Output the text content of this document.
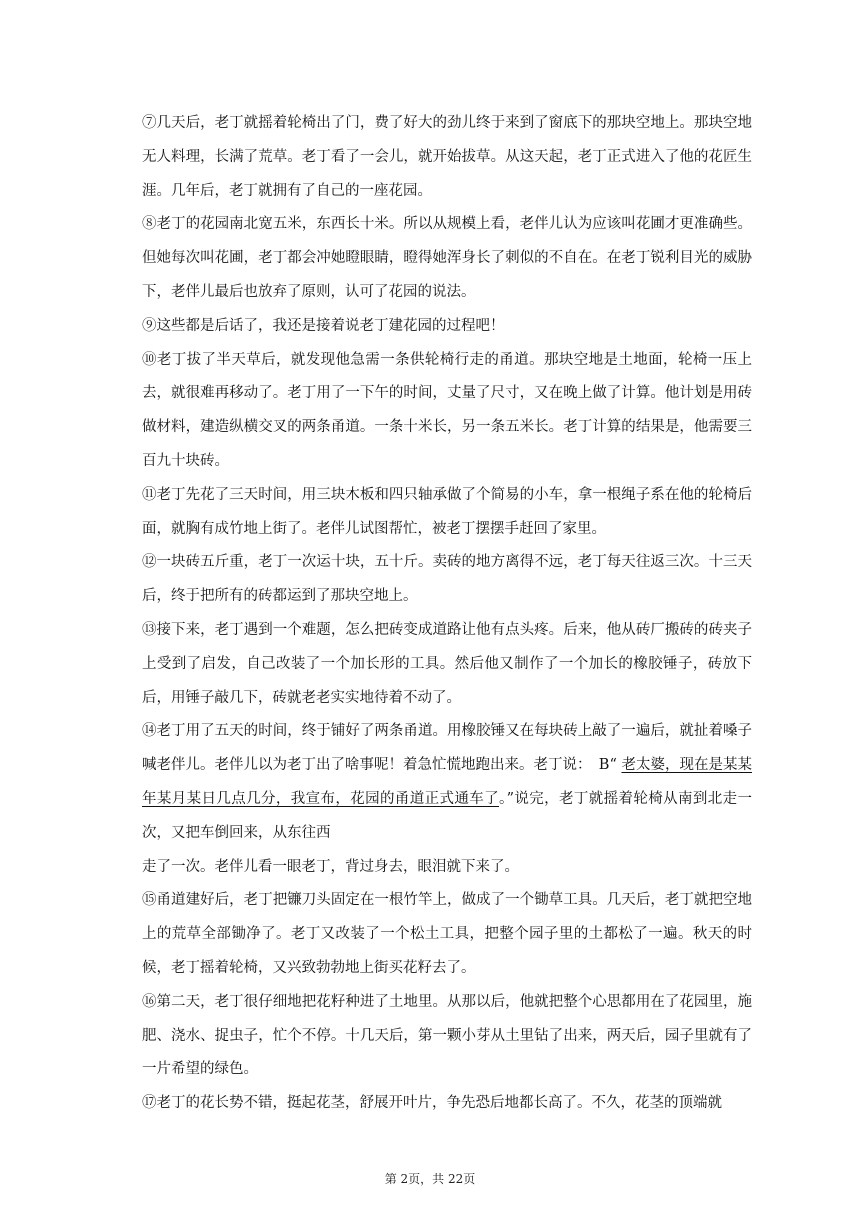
⑦几天后，老丁就摇着轮椅出了门，费了好大的劲儿终于来到了窗底下的那块空地上。那块空地无人料理，长满了荒草。老丁看了一会儿，就开始拔草。从这天起，老丁正式进入了他的花匠生涯。几年后，老丁就拥有了自己的一座花园。

⑧老丁的花园南北宽五米，东西长十米。所以从规模上看，老伴儿认为应该叫花圃才更准确些。但她每次叫花圃，老丁都会冲她瞪眼睛，瞪得她浑身长了刺似的不自在。在老丁锐利目光的威胁下，老伴儿最后也放弃了原则，认可了花园的说法。

⑨这些都是后话了，我还是接着说老丁建花园的过程吧！

⑩老丁拔了半天草后，就发现他急需一条供轮椅行走的甬道。那块空地是土地面，轮椅一压上去，就很难再移动了。老丁用了一下午的时间，丈量了尺寸，又在晚上做了计算。他计划是用砖做材料，建造纵横交叉的两条甬道。一条十米长，另一条五米长。老丁计算的结果是，他需要三百九十块砖。

⑪老丁先花了三天时间，用三块木板和四只轴承做了个简易的小车，拿一根绳子系在他的轮椅后面，就胸有成竹地上街了。老伴儿试图帮忙，被老丁摆摆手赶回了家里。

⑫一块砖五斤重，老丁一次运十块，五十斤。卖砖的地方离得不远，老丁每天往返三次。十三天后，终于把所有的砖都运到了那块空地上。

⑬接下来，老丁遇到一个难题，怎么把砖变成道路让他有点头疼。后来，他从砖厂搬砖的砖夹子上受到了启发，自己改装了一个加长形的工具。然后他又制作了一个加长的橡胶锤子，砖放下后，用锤子敲几下，砖就老老实实地待着不动了。

⑭老丁用了五天的时间，终于铺好了两条甬道。用橡胶锤又在每块砖上敲了一遍后，就扯着嗓子喊老伴儿。老伴儿以为老丁出了啥事呢！着急忙慌地跑出来。老丁说：　B“ 老太婆，现在是某某年某月某日几点几分，我宣布，花园的甬道正式通车了。”说完，老丁就摇着轮椅从南到北走一次，又把车倒回来，从东往西

走了一次。老伴儿看一眼老丁，背过身去，眼泪就下来了。

⑮甬道建好后，老丁把镰刀头固定在一根竹竿上，做成了一个锄草工具。几天后，老丁就把空地上的荒草全部锄净了。老丁又改装了一个松土工具，把整个园子里的土都松了一遍。秋天的时候，老丁摇着轮椅，又兴致勃勃地上街买花籽去了。

⑯第二天，老丁很仔细地把花籽种进了土地里。从那以后，他就把整个心思都用在了花园里，施肥、浇水、捉虫子，忙个不停。十几天后，第一颗小芽从土里钻了出来，两天后，园子里就有了一片希望的绿色。

⑰老丁的花长势不错，挺起花茎，舒展开叶片，争先恐后地都长高了。不久，花茎的顶端就

第 2页，共 22页
